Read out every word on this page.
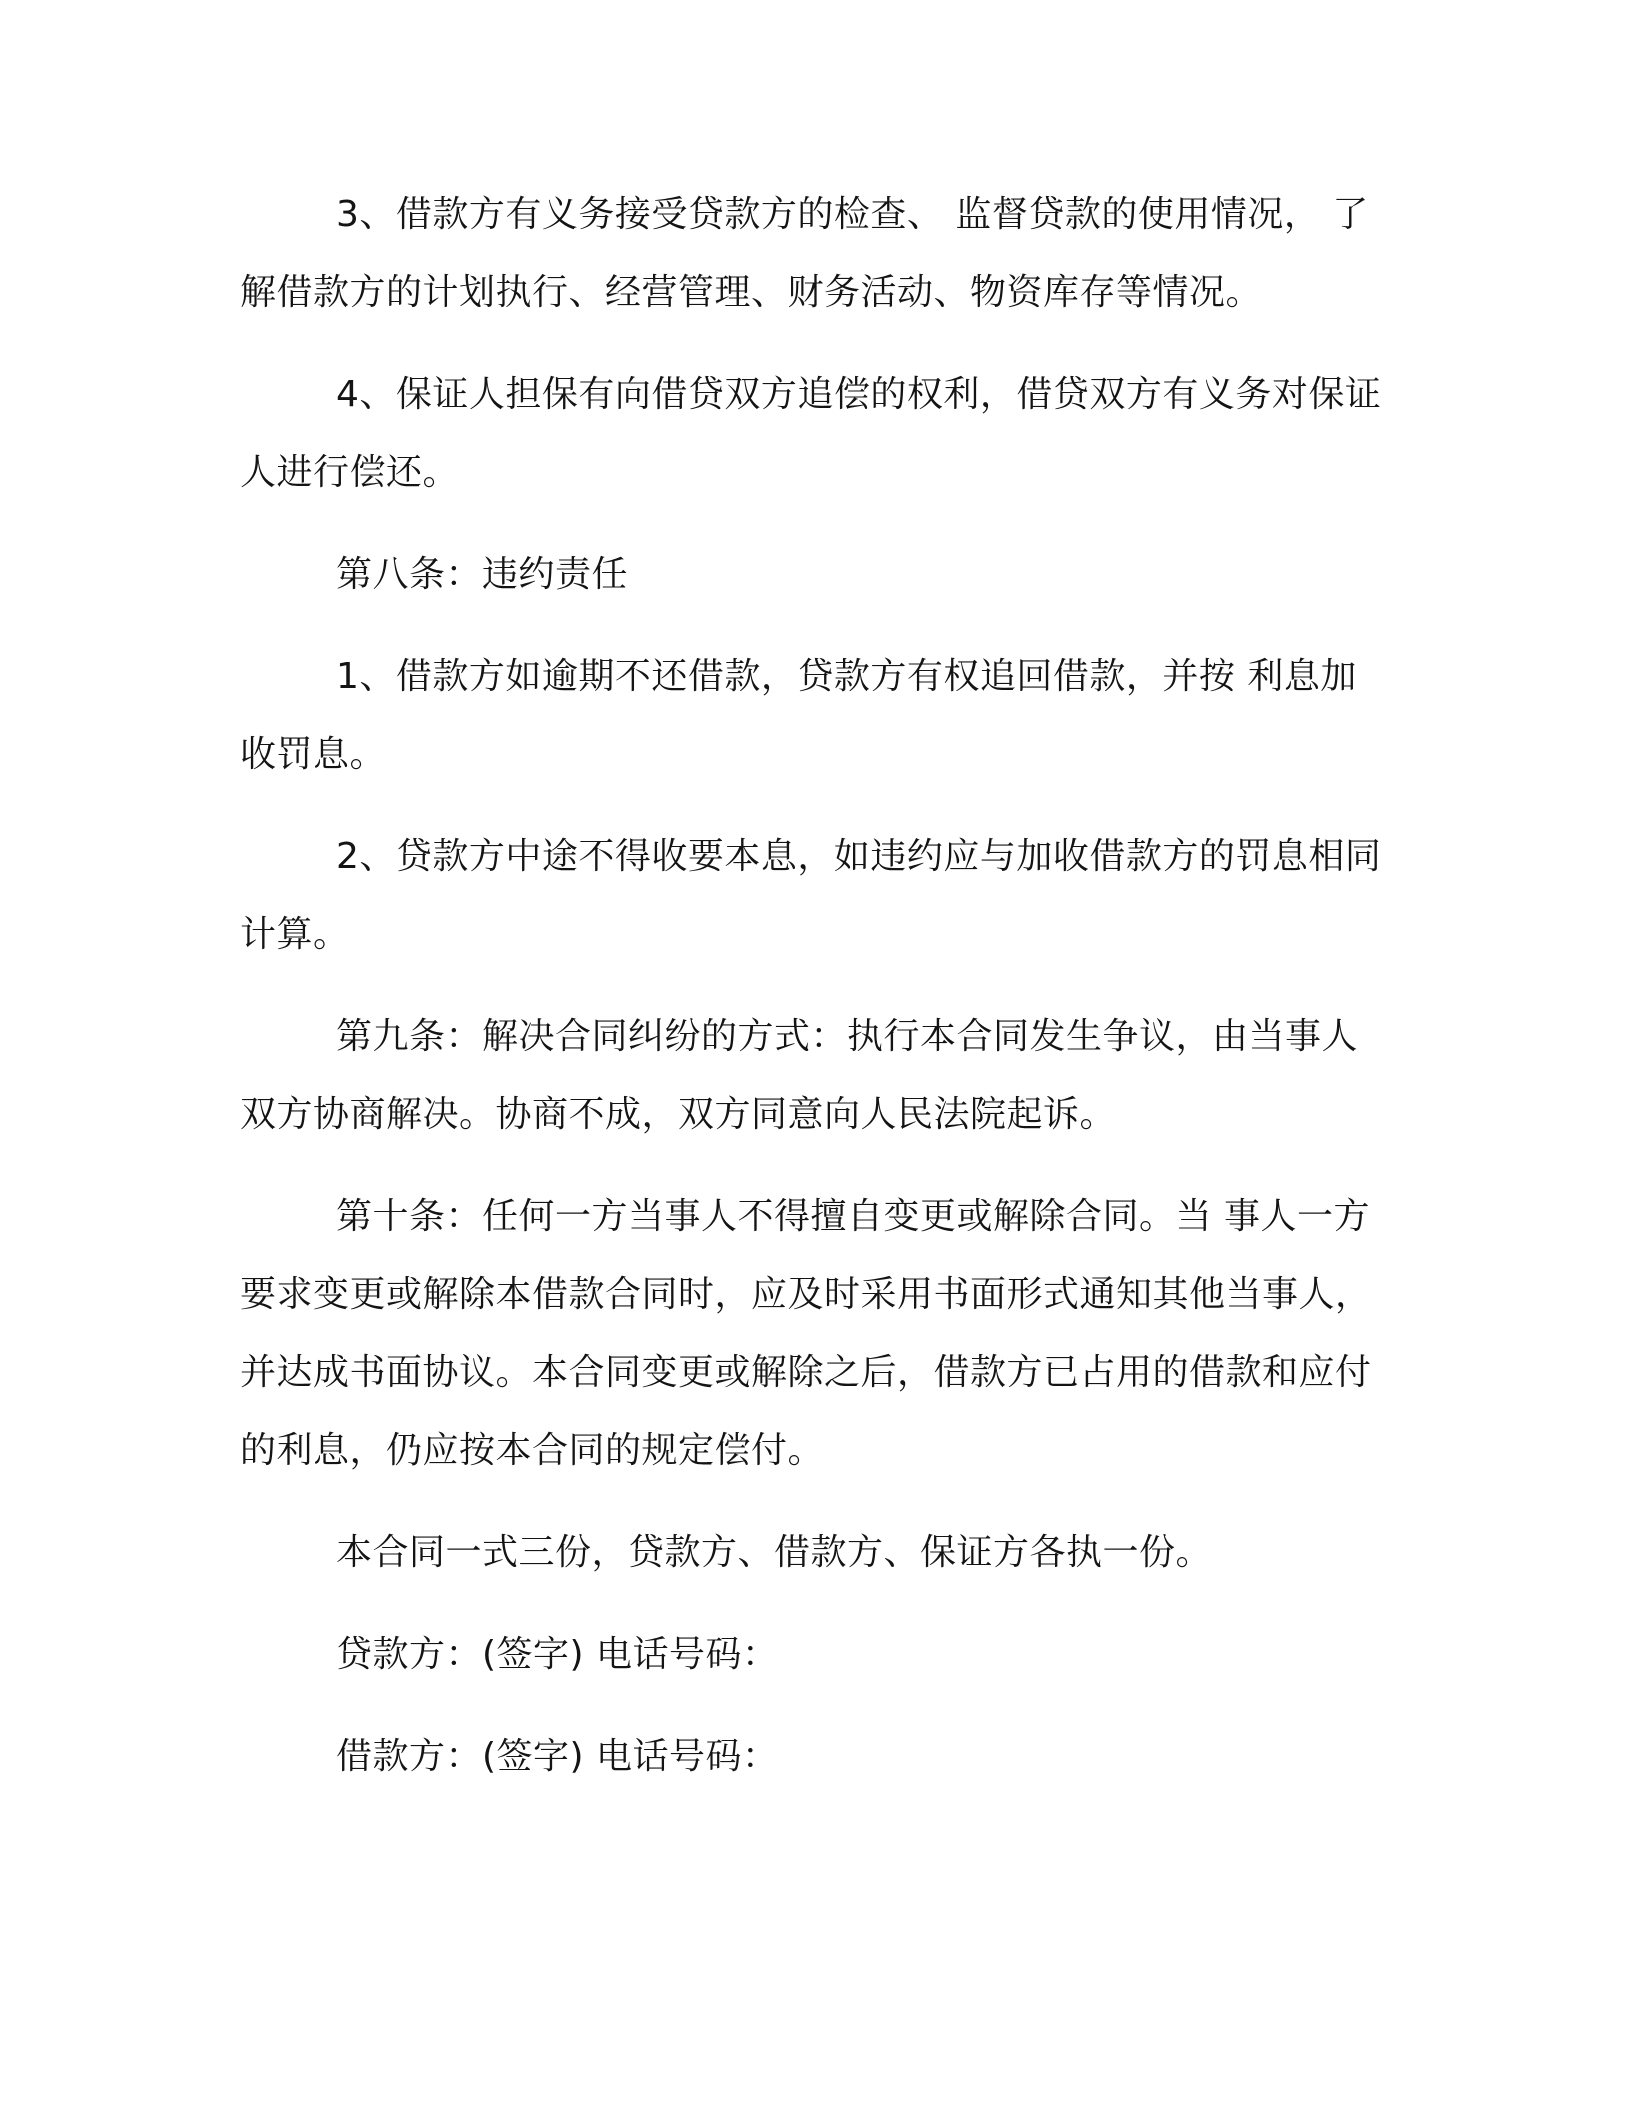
3、借款方有义务接受贷款方的检查、 监督贷款的使用情况， 了解借款方的计划执行、经营管理、财务活动、物资库存等情况。

4、保证人担保有向借贷双方追偿的权利，借贷双方有义务对保证人进行偿还。

第八条：违约责任

1、借款方如逾期不还借款，贷款方有权追回借款，并按 利息加收罚息。

2、贷款方中途不得收要本息，如违约应与加收借款方的罚息相同计算。

第九条：解决合同纠纷的方式：执行本合同发生争议，由当事人双方协商解决。协商不成，双方同意向人民法院起诉。

第十条：任何一方当事人不得擅自变更或解除合同。当 事人一方要求变更或解除本借款合同时，应及时采用书面形式通知其他当事人，并达成书面协议。本合同变更或解除之后，借款方已占用的借款和应付的利息，仍应按本合同的规定偿付。

本合同一式三份，贷款方、借款方、保证方各执一份。

贷款方：(签字) 电话号码：

借款方：(签字) 电话号码：
